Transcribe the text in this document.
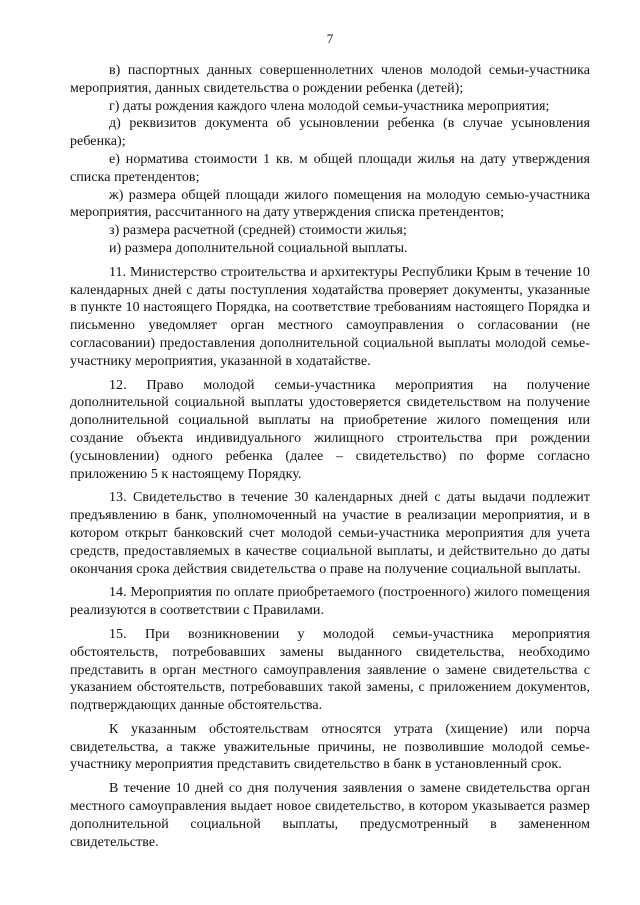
7

в) паспортных данных совершеннолетних членов молодой семьи-участника мероприятия, данных свидетельства о рождении ребенка (детей);

г) даты рождения каждого члена молодой семьи-участника мероприятия;

д) реквизитов документа об усыновлении ребенка (в случае усыновления ребенка);

е) норматива стоимости 1 кв. м общей площади жилья на дату утверждения списка претендентов;

ж) размера общей площади жилого помещения на молодую семью-участника мероприятия, рассчитанного на дату утверждения списка претендентов;

з) размера расчетной (средней) стоимости жилья;

и) размера дополнительной социальной выплаты.

11. Министерство строительства и архитектуры Республики Крым в течение 10 календарных дней с даты поступления ходатайства проверяет документы, указанные в пункте 10 настоящего Порядка, на соответствие требованиям настоящего Порядка и письменно уведомляет орган местного самоуправления о согласовании (не согласовании) предоставления дополнительной социальной выплаты молодой семье-участнику мероприятия, указанной в ходатайстве.

12. Право молодой семьи-участника мероприятия на получение дополнительной социальной выплаты удостоверяется свидетельством на получение дополнительной социальной выплаты на приобретение жилого помещения или создание объекта индивидуального жилищного строительства при рождении (усыновлении) одного ребенка (далее – свидетельство) по форме согласно приложению 5 к настоящему Порядку.

13. Свидетельство в течение 30 календарных дней с даты выдачи подлежит предъявлению в банк, уполномоченный на участие в реализации мероприятия, и в котором открыт банковский счет молодой семьи-участника мероприятия для учета средств, предоставляемых в качестве социальной выплаты, и действительно до даты окончания срока действия свидетельства о праве на получение социальной выплаты.

14. Мероприятия по оплате приобретаемого (построенного) жилого помещения реализуются в соответствии с Правилами.

15. При возникновении у молодой семьи-участника мероприятия обстоятельств, потребовавших замены выданного свидетельства, необходимо представить в орган местного самоуправления заявление о замене свидетельства с указанием обстоятельств, потребовавших такой замены, с приложением документов, подтверждающих данные обстоятельства.

К указанным обстоятельствам относятся утрата (хищение) или порча свидетельства, а также уважительные причины, не позволившие молодой семье-участнику мероприятия представить свидетельство в банк в установленный срок.

В течение 10 дней со дня получения заявления о замене свидетельства орган местного самоуправления выдает новое свидетельство, в котором указывается размер дополнительной социальной выплаты, предусмотренный в замененном свидетельстве.
